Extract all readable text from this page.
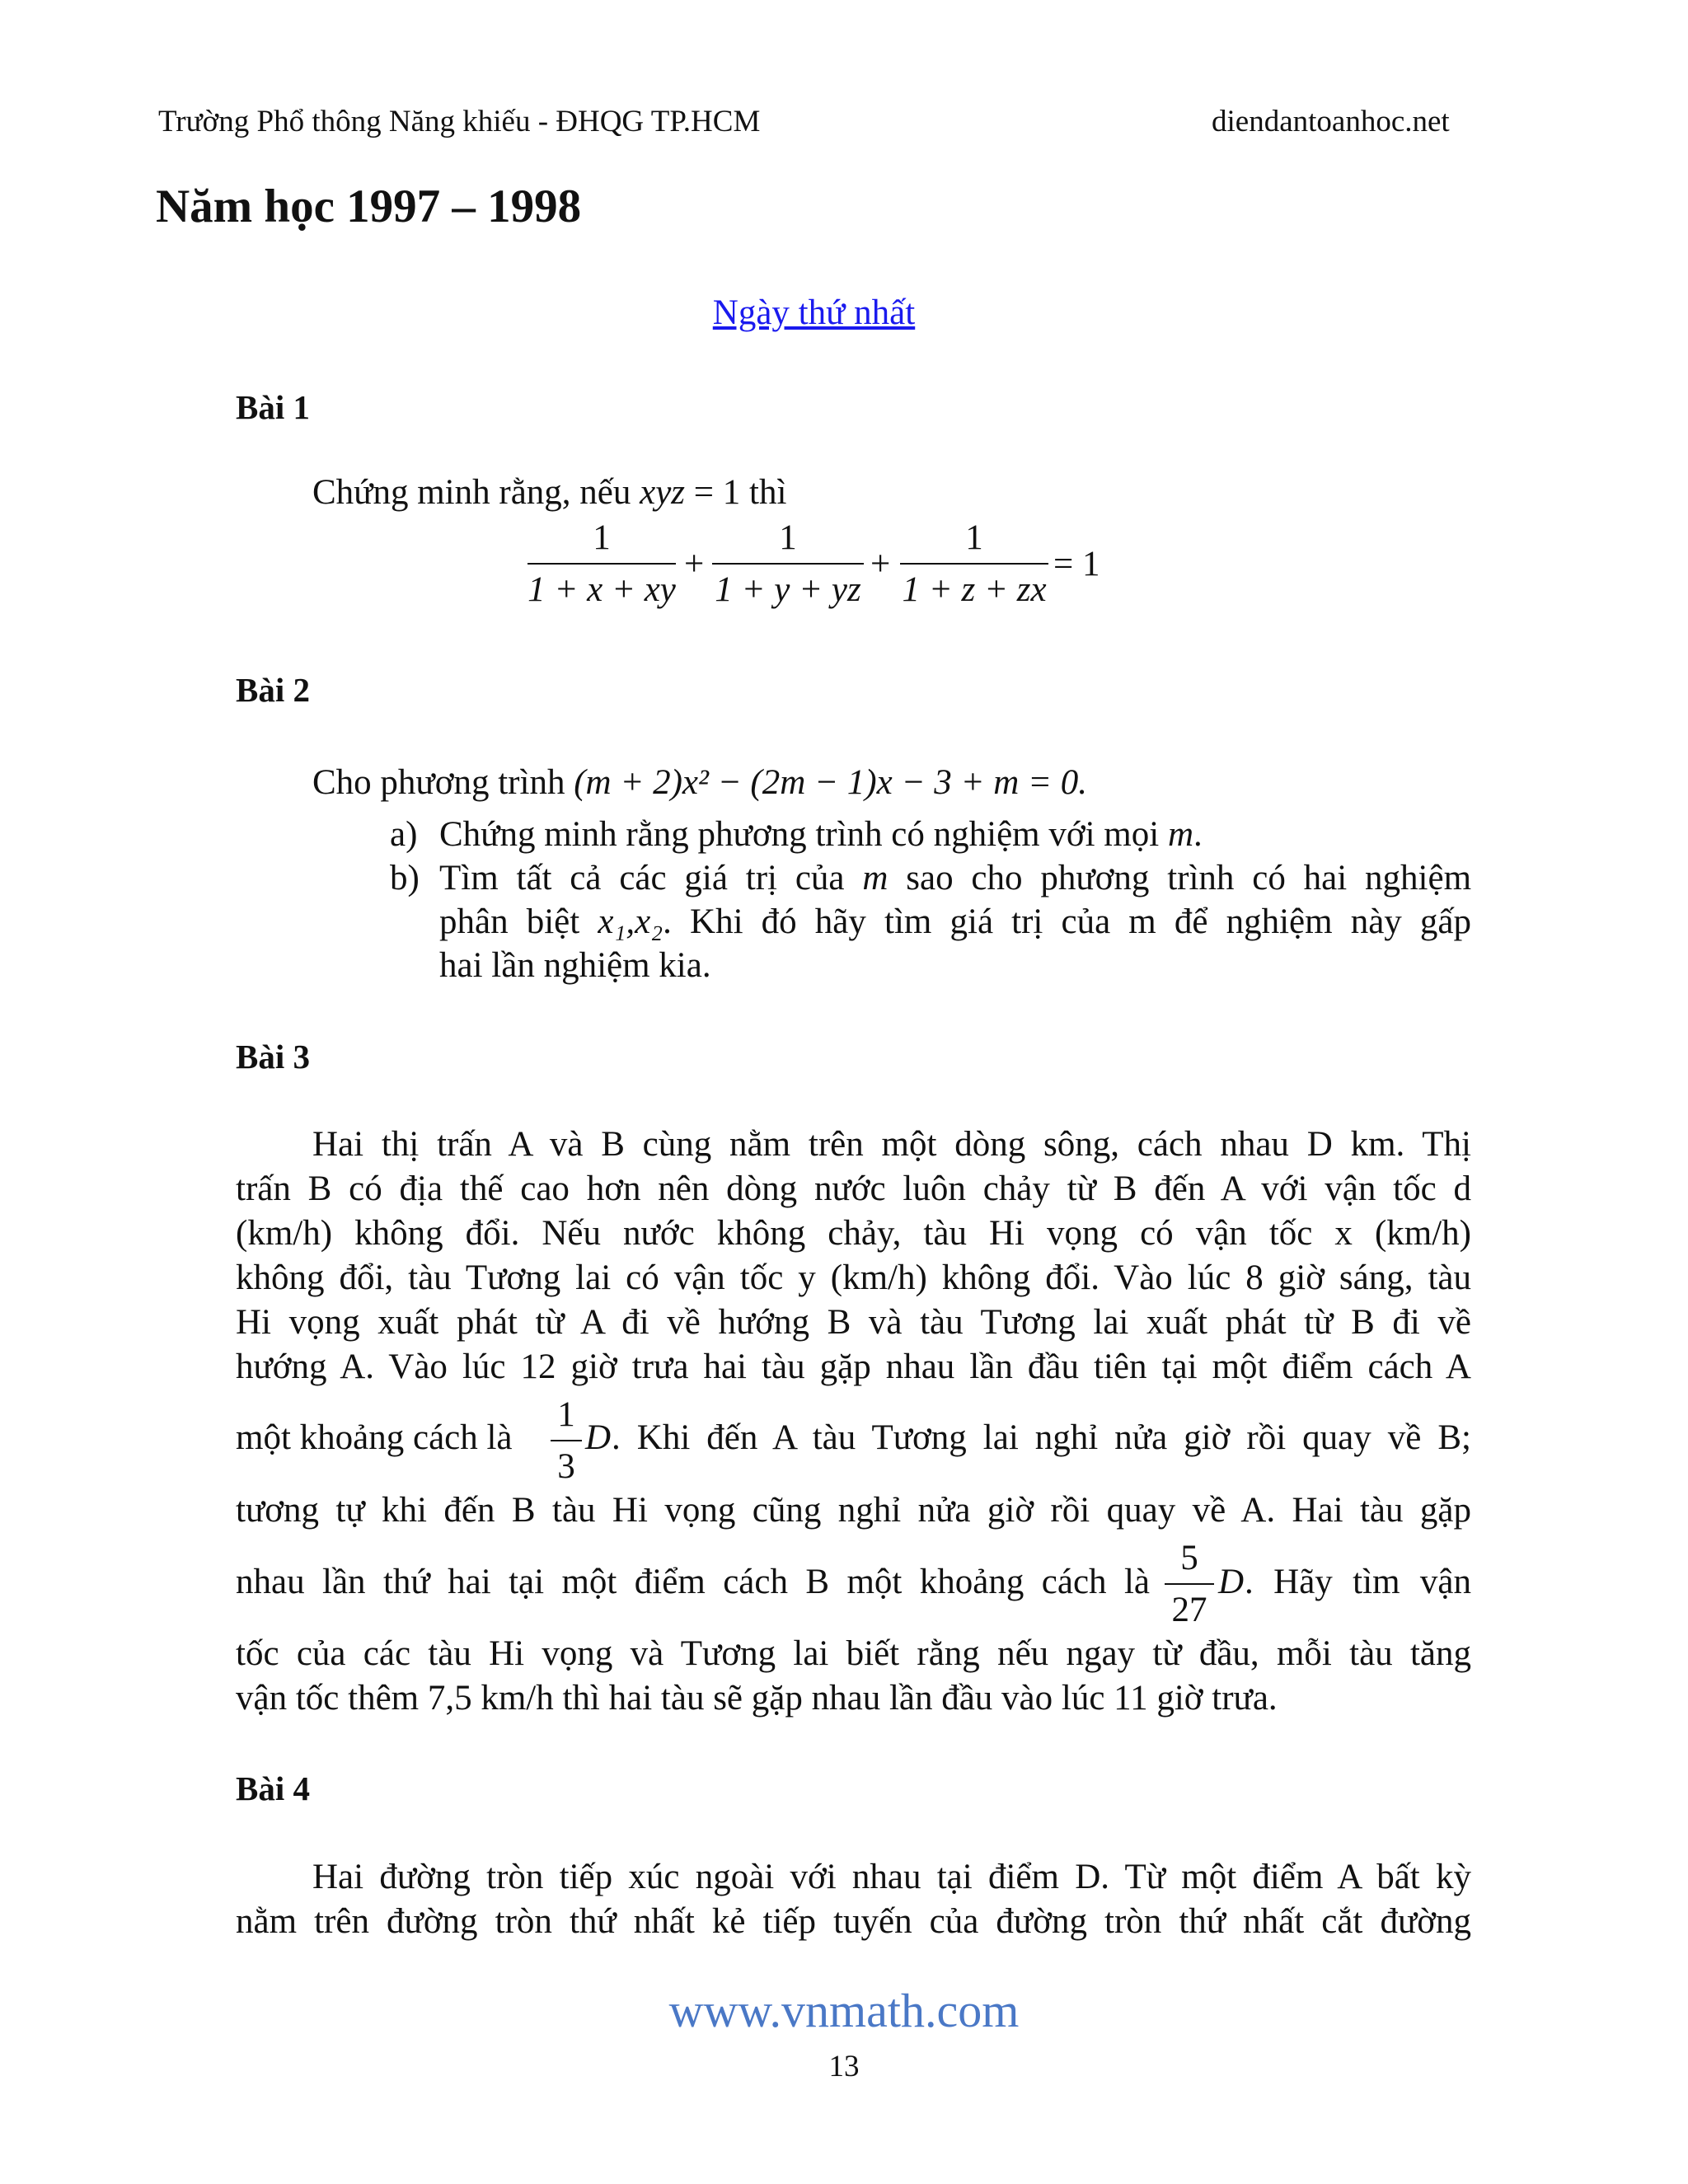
Trường Phổ thông Năng khiếu - ĐHQG TP.HCM	diendantoanhoc.net
Năm học 1997 – 1998
Ngày thứ nhất
Bài 1
Chứng minh rằng, nếu xyz = 1 thì
1
1 + x + xy
+
1
1 + y + yz
+
1
1 + z + zx
= 1
Bài 2
Cho phương trình (m + 2)x² − (2m − 1)x − 3 + m = 0.
a) Chứng minh rằng phương trình có nghiệm với mọi m.
b) Tìm tất cả các giá trị của m sao cho phương trình có hai nghiệm
phân biệt x₁,x₂. Khi đó hãy tìm giá trị của m để nghiệm này gấp
hai lần nghiệm kia.
Bài 3
Hai thị trấn A và B cùng nằm trên một dòng sông, cách nhau D km. Thị
trấn B có địa thế cao hơn nên dòng nước luôn chảy từ B đến A với vận tốc d
(km/h) không đổi. Nếu nước không chảy, tàu Hi vọng có vận tốc x (km/h)
không đổi, tàu Tương lai có vận tốc y (km/h) không đổi. Vào lúc 8 giờ sáng, tàu
Hi vọng xuất phát từ A đi về hướng B và tàu Tương lai xuất phát từ B đi về
hướng A. Vào lúc 12 giờ trưa hai tàu gặp nhau lần đầu tiên tại một điểm cách A
một khoảng cách là
1
3
D . Khi đến A tàu Tương lai nghỉ nửa giờ rồi quay về B;
tương tự khi đến B tàu Hi vọng cũng nghỉ nửa giờ rồi quay về A. Hai tàu gặp
nhau lần thứ hai tại một điểm cách B một khoảng cách là
5
27
D . Hãy tìm vận
tốc của các tàu Hi vọng và Tương lai biết rằng nếu ngay từ đầu, mỗi tàu tăng
vận tốc thêm 7,5 km/h thì hai tàu sẽ gặp nhau lần đầu vào lúc 11 giờ trưa.
Bài 4
Hai đường tròn tiếp xúc ngoài với nhau tại điểm D. Từ một điểm A bất kỳ
nằm trên đường tròn thứ nhất kẻ tiếp tuyến của đường tròn thứ nhất cắt đường
www.vnmath.com
13
